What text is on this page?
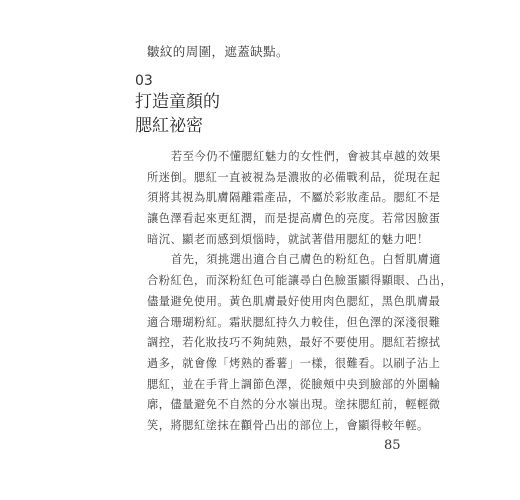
皺紋的周圍，遮蓋缺點。
03
打造童顏的
腮紅祕密
若至今仍不懂腮紅魅力的女性們，會被其卓越的效果
所迷倒。腮紅一直被視為是濃妝的必備戰利品，從現在起
須將其視為肌膚隔離霜產品，不屬於彩妝產品。腮紅不是
讓色澤看起來更紅潤，而是提高膚色的亮度。若常因臉蛋
暗沉、顯老而感到煩惱時，就試著借用腮紅的魅力吧！
首先，須挑選出適合自己膚色的粉紅色。白皙肌膚適
合粉紅色，而深粉紅色可能讓尋白色臉蛋顯得顯眼、凸出，
儘量避免使用。黃色肌膚最好使用肉色腮紅，黑色肌膚最
適合珊瑚粉紅。霜狀腮紅持久力較佳，但色澤的深淺很難
調控，若化妝技巧不夠純熟，最好不要使用。腮紅若擦拭
過多，就會像「烤熟的番薯」一樣，很難看。以刷子沾上
腮紅，並在手背上調節色澤，從臉頰中央到臉部的外圍輪
廓，儘量避免不自然的分水嶺出現。塗抹腮紅前，輕輕微
笑，將腮紅塗抹在顴骨凸出的部位上，會顯得較年輕。
85
